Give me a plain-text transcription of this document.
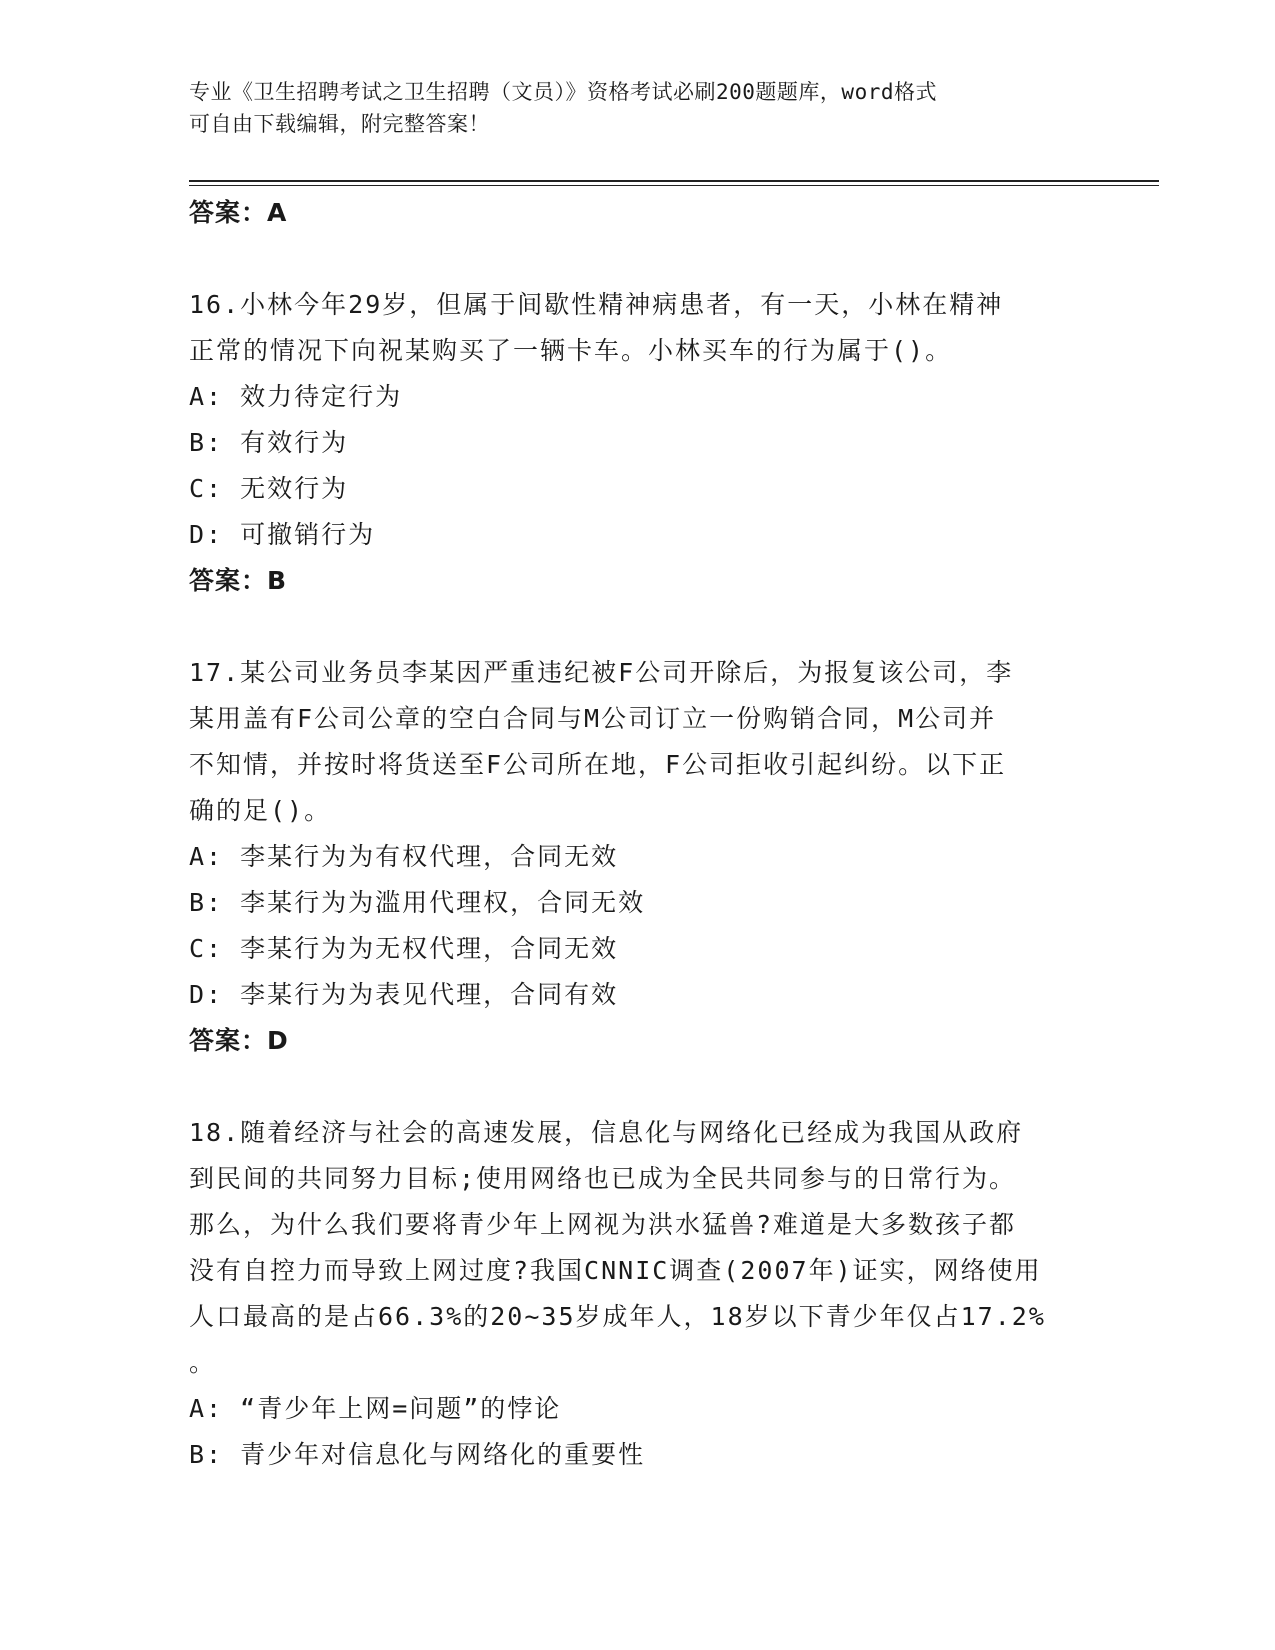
专业《卫生招聘考试之卫生招聘（文员）》资格考试必刷200题题库，word格式
可自由下载编辑，附完整答案！

答案：A

16.小林今年29岁，但属于间歇性精神病患者，有一天，小林在精神

正常的情况下向祝某购买了一辆卡车。小林买车的行为属于()。

A: 效力待定行为

B: 有效行为

C: 无效行为

D: 可撤销行为

答案：B

17.某公司业务员李某因严重违纪被F公司开除后，为报复该公司，李

某用盖有F公司公章的空白合同与M公司订立一份购销合同，M公司并

不知情，并按时将货送至F公司所在地，F公司拒收引起纠纷。以下正

确的足()。

A: 李某行为为有权代理，合同无效

B: 李某行为为滥用代理权，合同无效

C: 李某行为为无权代理，合同无效

D: 李某行为为表见代理，合同有效

答案：D

18.随着经济与社会的高速发展，信息化与网络化已经成为我国从政府

到民间的共同努力目标;使用网络也已成为全民共同参与的日常行为。

那么，为什么我们要将青少年上网视为洪水猛兽?难道是大多数孩子都

没有自控力而导致上网过度?我国CNNIC调查(2007年)证实，网络使用

人口最高的是占66.3%的20~35岁成年人，18岁以下青少年仅占17.2%

。

A: “青少年上网=问题”的悖论

B: 青少年对信息化与网络化的重要性
